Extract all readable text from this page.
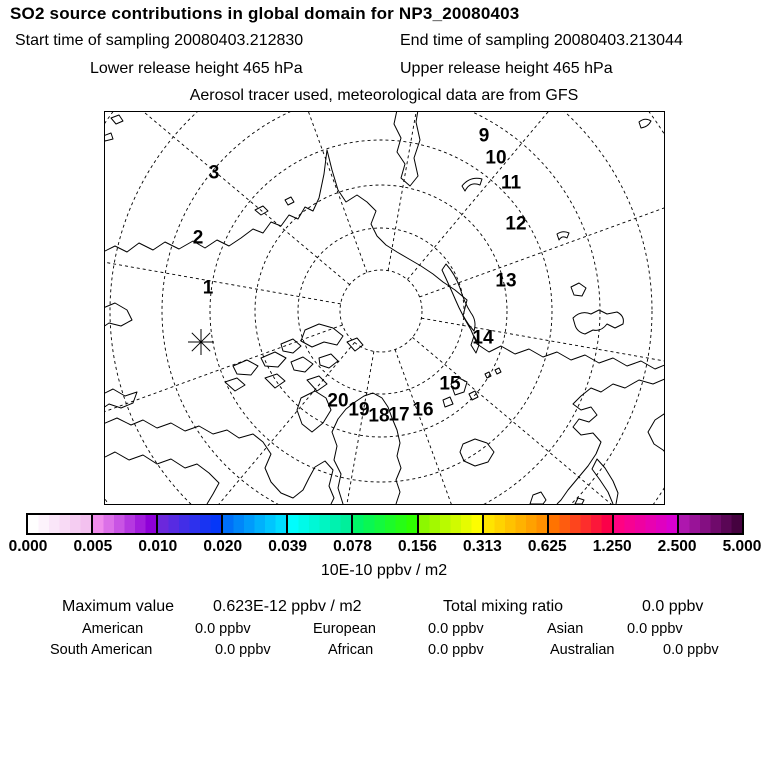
SO2 source contributions in global domain for NP3_20080403
Start time of sampling 20080403.212830	End time of sampling 20080403.213044
Lower release height 465 hPa	Upper release height 465 hPa
Aerosol tracer used, meteorological data are from GFS
1
2
3
9
10
11
12
13
14
15
16
17
18
19
20
0.000 0.005 0.010 0.020 0.039 0.078 0.156 0.313 0.625 1.250 2.500 5.000
10E-10 ppbv / m2
Maximum value 0.623E-12 ppbv / m2	Total mixing ratio	0.0 ppbv
American	0.0 ppbv	European	0.0 ppbv	Asian	0.0 ppbv
South American	0.0 ppbv	African	0.0 ppbv	Australian	0.0 ppbv
